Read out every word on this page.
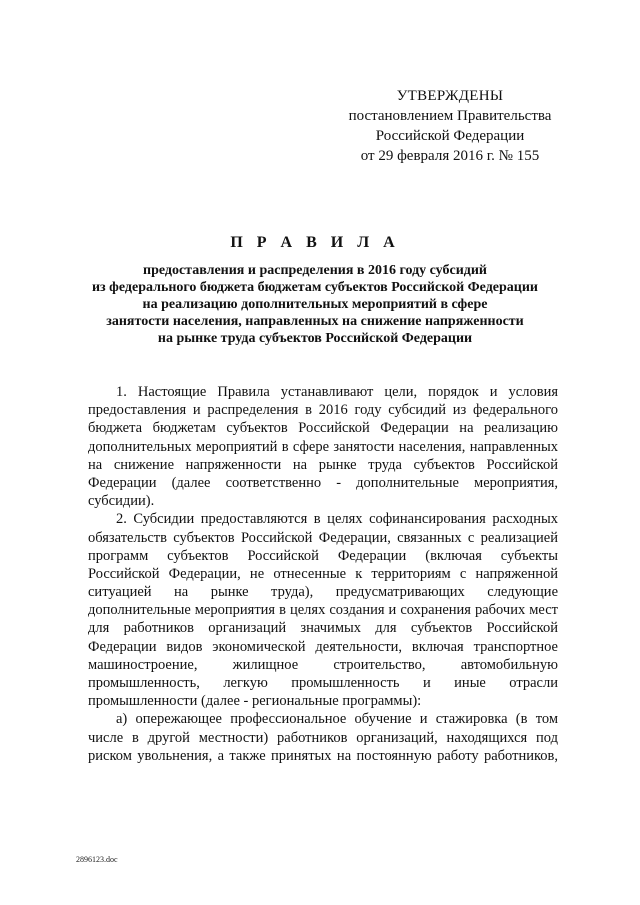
УТВЕРЖДЕНЫ
постановлением Правительства
Российской Федерации
от 29 февраля 2016 г. № 155
П Р А В И Л А
предоставления и распределения в 2016 году субсидий
из федерального бюджета бюджетам субъектов Российской Федерации
на реализацию дополнительных мероприятий в сфере
занятости населения, направленных на снижение напряженности
на рынке труда субъектов Российской Федерации
1. Настоящие Правила устанавливают цели, порядок и условия
предоставления и распределения в 2016 году субсидий из федерального
бюджета бюджетам субъектов Российской Федерации на реализацию
дополнительных мероприятий в сфере занятости населения, направленных
на снижение напряженности на рынке труда субъектов Российской
Федерации (далее соответственно - дополнительные мероприятия,
субсидии).
2. Субсидии предоставляются в целях софинансирования расходных
обязательств субъектов Российской Федерации, связанных с реализацией
программ субъектов Российской Федерации (включая субъекты
Российской Федерации, не отнесенные к территориям с напряженной
ситуацией на рынке труда), предусматривающих следующие
дополнительные мероприятия в целях создания и сохранения рабочих мест
для работников организаций значимых для субъектов Российской
Федерации видов экономической деятельности, включая транспортное
машиностроение, жилищное строительство, автомобильную
промышленность, легкую промышленность и иные отрасли
промышленности (далее - региональные программы):
а) опережающее профессиональное обучение и стажировка (в том
числе в другой местности) работников организаций, находящихся под
риском увольнения, а также принятых на постоянную работу работников,
2896123.doc
